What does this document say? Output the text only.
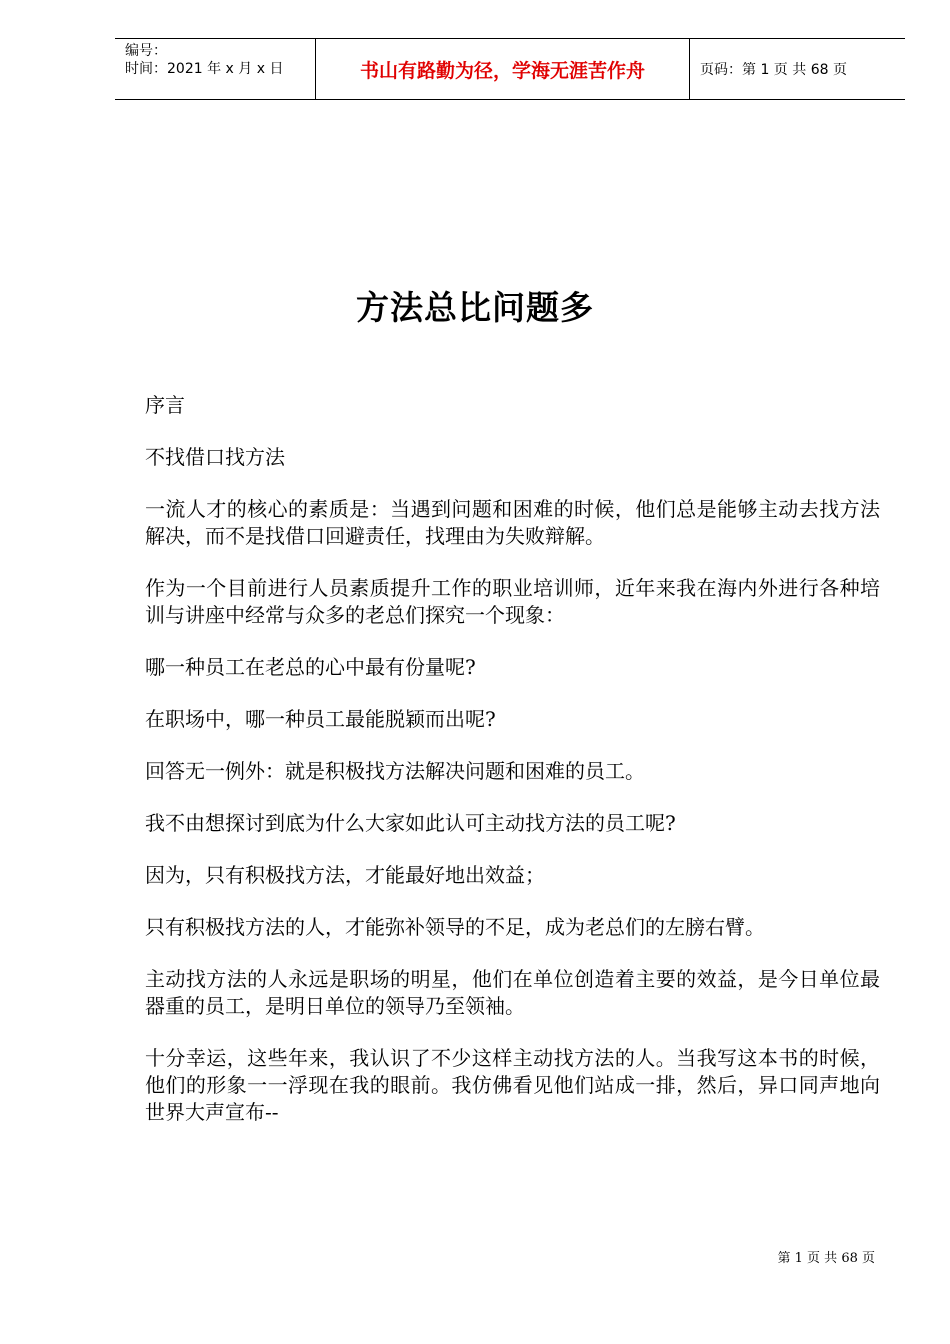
编号：
时间：2021 年 x 月 x 日	书山有路勤为径，学海无涯苦作舟	页码：第 1 页 共 68 页
方法总比问题多

序言

不找借口找方法

一流人才的核心的素质是：当遇到问题和困难的时候，他们总是能够主动去找方法解决，而不是找借口回避责任，找理由为失败辩解。

作为一个目前进行人员素质提升工作的职业培训师，近年来我在海内外进行各种培训与讲座中经常与众多的老总们探究一个现象：

哪一种员工在老总的心中最有份量呢?

在职场中，哪一种员工最能脱颖而出呢?

回答无一例外：就是积极找方法解决问题和困难的员工。

我不由想探讨到底为什么大家如此认可主动找方法的员工呢?

因为，只有积极找方法，才能最好地出效益；

只有积极找方法的人，才能弥补领导的不足，成为老总们的左膀右臂。

主动找方法的人永远是职场的明星，他们在单位创造着主要的效益，是今日单位最器重的员工，是明日单位的领导乃至领袖。

十分幸运，这些年来，我认识了不少这样主动找方法的人。当我写这本书的时候，他们的形象一一浮现在我的眼前。我仿佛看见他们站成一排，然后，异口同声地向世界大声宣布--

第 1 页 共 68 页
